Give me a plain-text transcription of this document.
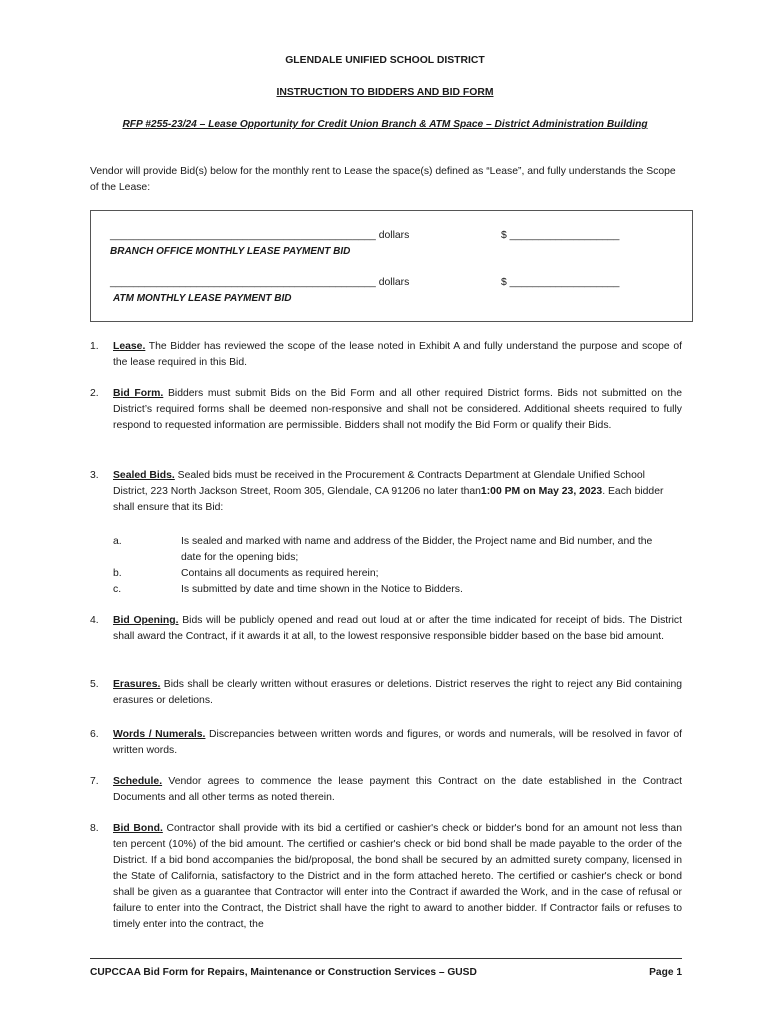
GLENDALE UNIFIED SCHOOL DISTRICT
INSTRUCTION TO BIDDERS AND BID FORM
RFP #255-23/24 – Lease Opportunity for Credit Union Branch & ATM Space – District Administration Building
Vendor will provide Bid(s) below for the monthly rent to Lease the space(s) defined as “Lease”, and fully understands the Scope of the Lease:
______________________________________________ dollars	$ ___________________
BRANCH OFFICE MONTHLY LEASE PAYMENT BID
______________________________________________ dollars	$ ___________________
ATM MONTHLY LEASE PAYMENT BID
1. Lease. The Bidder has reviewed the scope of the lease noted in Exhibit A and fully understand the purpose and scope of the lease required in this Bid.
2. Bid Form. Bidders must submit Bids on the Bid Form and all other required District forms. Bids not submitted on the District’s required forms shall be deemed non-responsive and shall not be considered. Additional sheets required to fully respond to requested information are permissible. Bidders shall not modify the Bid Form or qualify their Bids.
3. Sealed Bids. Sealed bids must be received in the Procurement & Contracts Department at Glendale Unified School District, 223 North Jackson Street, Room 305, Glendale, CA 91206 no later than1:00 PM on May 23, 2023. Each bidder shall ensure that its Bid:
a.	Is sealed and marked with name and address of the Bidder, the Project name and Bid number, and the date for the opening bids;
b.	Contains all documents as required herein;
c.	Is submitted by date and time shown in the Notice to Bidders.
4. Bid Opening. Bids will be publicly opened and read out loud at or after the time indicated for receipt of bids. The District shall award the Contract, if it awards it at all, to the lowest responsive responsible bidder based on the base bid amount.
5. Erasures. Bids shall be clearly written without erasures or deletions. District reserves the right to reject any Bid containing erasures or deletions.
6. Words / Numerals. Discrepancies between written words and figures, or words and numerals, will be resolved in favor of written words.
7. Schedule. Vendor agrees to commence the lease payment this Contract on the date established in the Contract Documents and all other terms as noted therein.
8. Bid Bond. Contractor shall provide with its bid a certified or cashier's check or bidder's bond for an amount not less than ten percent (10%) of the bid amount. The certified or cashier's check or bid bond shall be made payable to the order of the District. If a bid bond accompanies the bid/proposal, the bond shall be secured by an admitted surety company, licensed in the State of California, satisfactory to the District and in the form attached hereto. The certified or cashier's check or bond shall be given as a guarantee that Contractor will enter into the Contract if awarded the Work, and in the case of refusal or failure to enter into the Contract, the District shall have the right to award to another bidder. If Contractor fails or refuses to timely enter into the contract, the
CUPCCAA Bid Form for Repairs, Maintenance or Construction Services – GUSD	Page 1
